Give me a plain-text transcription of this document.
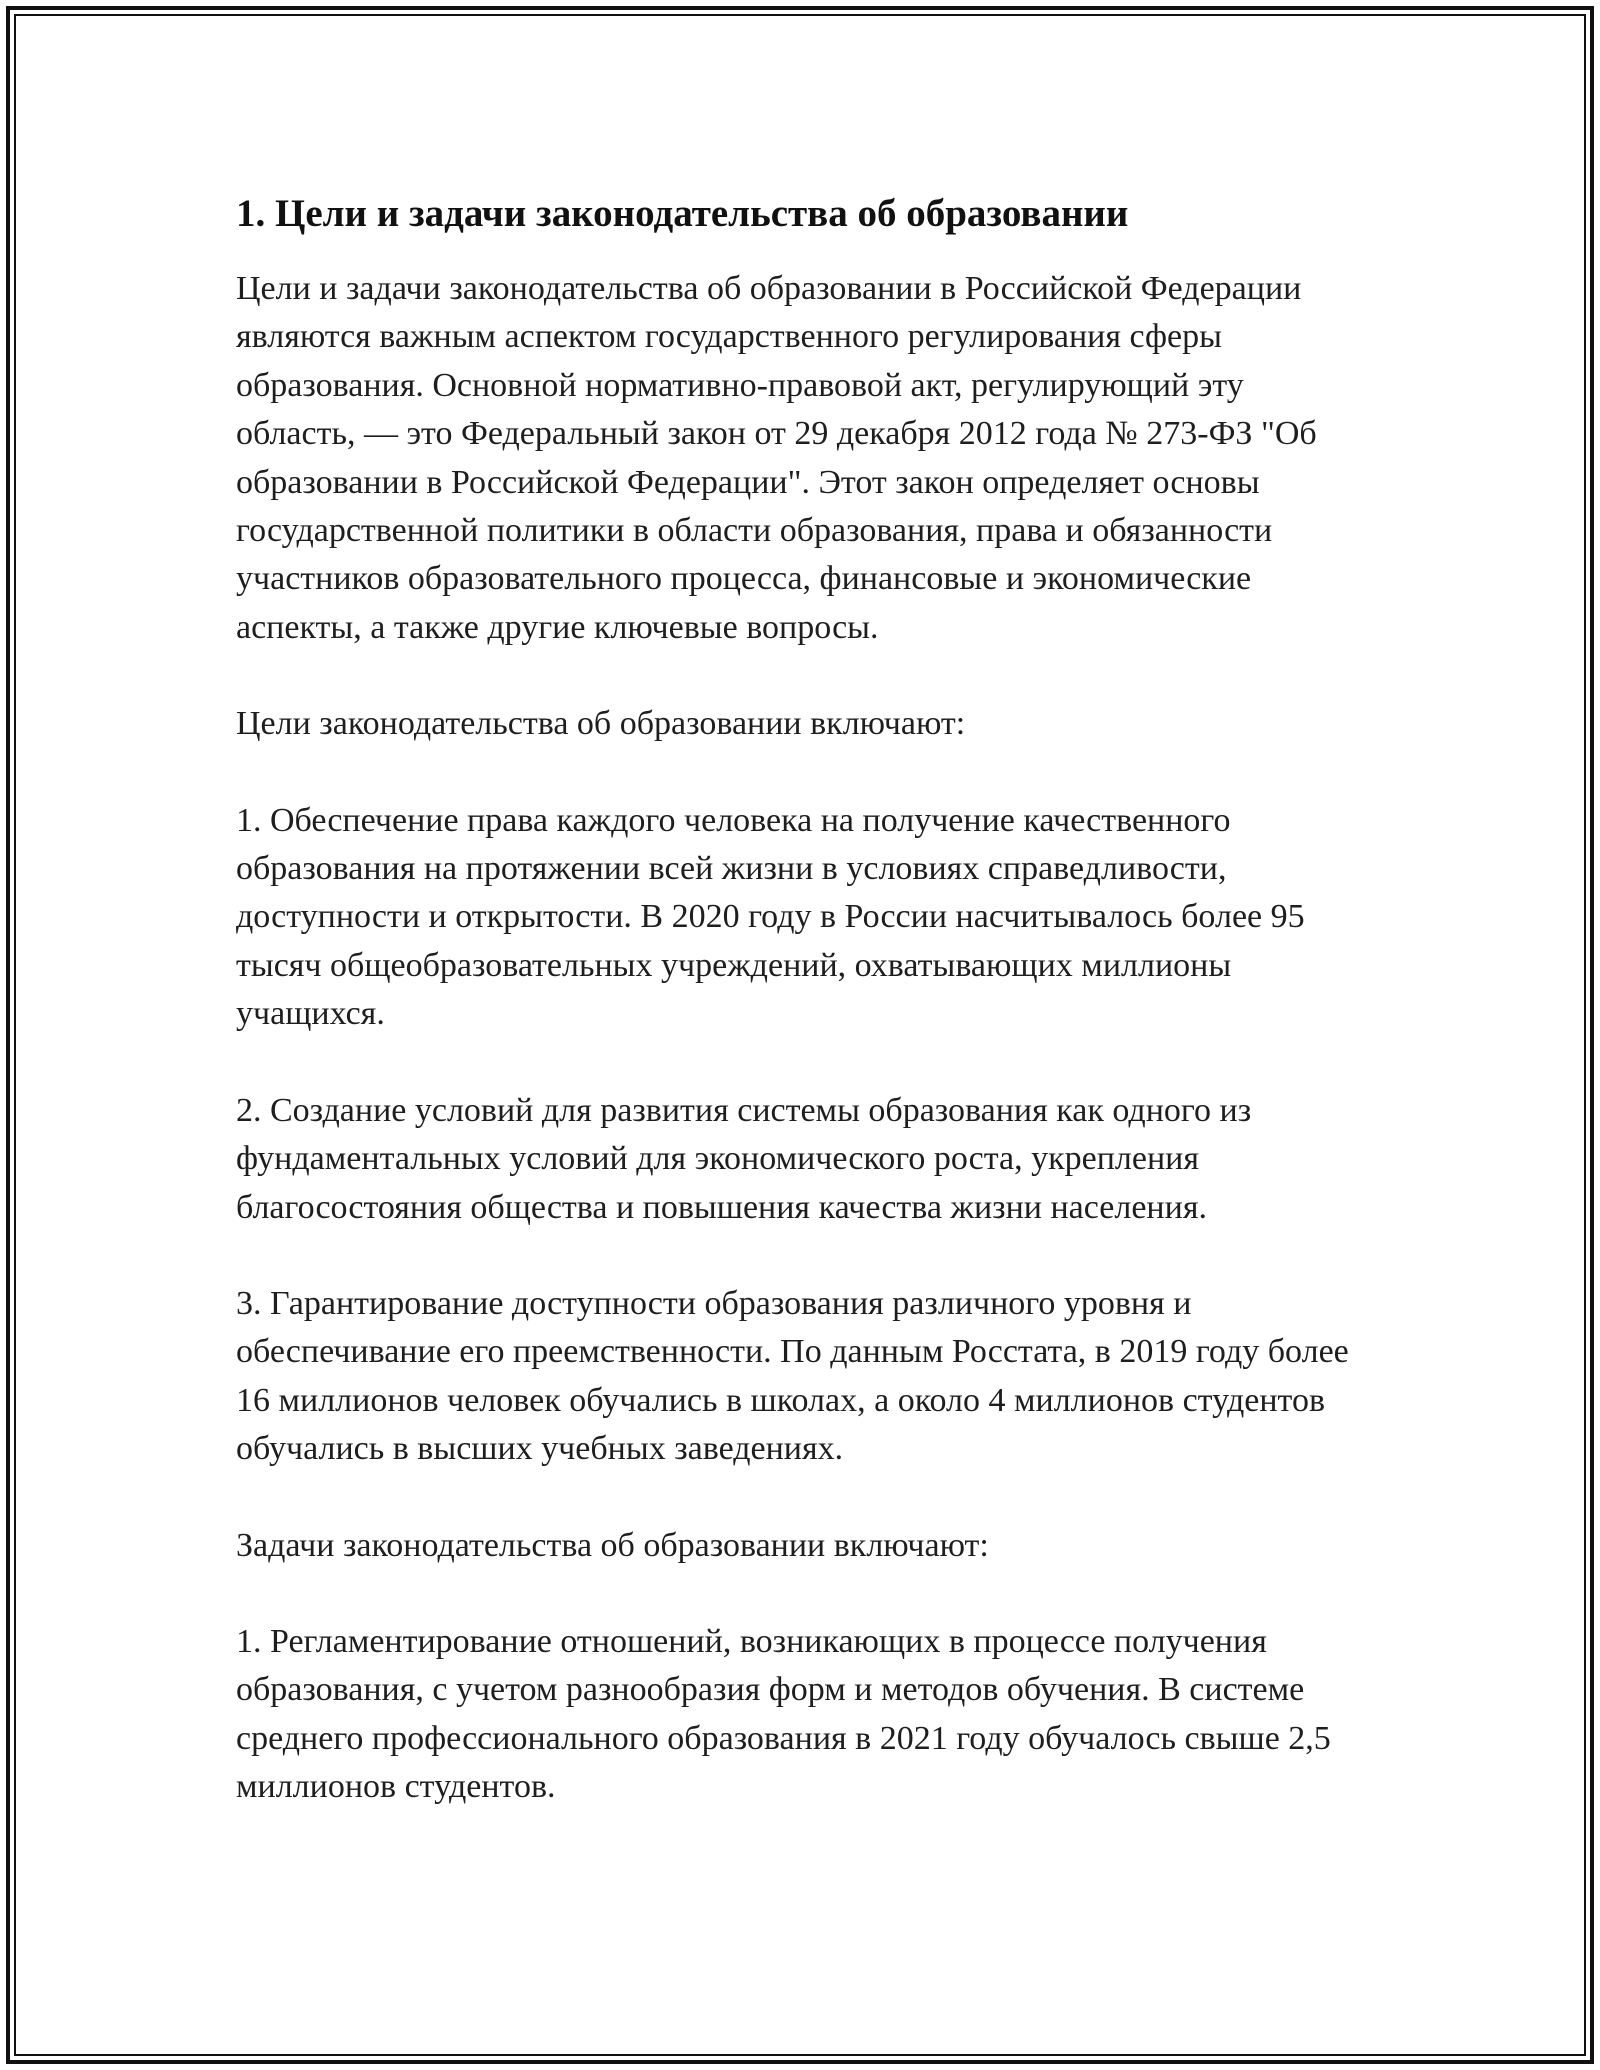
1. Цели и задачи законодательства об образовании

Цели и задачи законодательства об образовании в Российской Федерации являются важным аспектом государственного регулирования сферы образования. Основной нормативно-правовой акт, регулирующий эту область, — это Федеральный закон от 29 декабря 2012 года № 273-ФЗ "Об образовании в Российской Федерации". Этот закон определяет основы государственной политики в области образования, права и обязанности участников образовательного процесса, финансовые и экономические аспекты, а также другие ключевые вопросы.

Цели законодательства об образовании включают:

1. Обеспечение права каждого человека на получение качественного образования на протяжении всей жизни в условиях справедливости, доступности и открытости. В 2020 году в России насчитывалось более 95 тысяч общеобразовательных учреждений, охватывающих миллионы учащихся.

2. Создание условий для развития системы образования как одного из фундаментальных условий для экономического роста, укрепления благосостояния общества и повышения качества жизни населения.

3. Гарантирование доступности образования различного уровня и обеспечивание его преемственности. По данным Росстата, в 2019 году более 16 миллионов человек обучались в школах, а около 4 миллионов студентов обучались в высших учебных заведениях.

Задачи законодательства об образовании включают:

1. Регламентирование отношений, возникающих в процессе получения образования, с учетом разнообразия форм и методов обучения. В системе среднего профессионального образования в 2021 году обучалось свыше 2,5 миллионов студентов.
